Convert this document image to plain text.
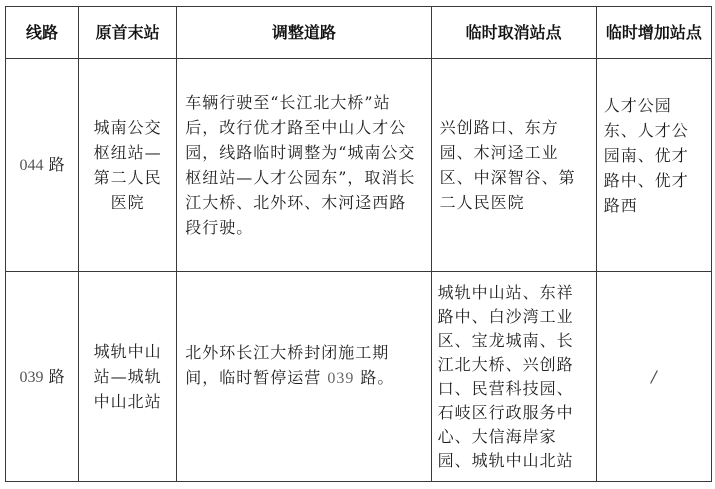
线路	原首末站	调整道路	临时取消站点	临时增加站点

044 路	城南公交枢纽站—第二人民医院	车辆行驶至“长江北大桥”站后，改行优才路至中山人才公园，线路临时调整为“城南公交枢纽站—人才公园东”，取消长江大桥、北外环、木河迳西路段行驶。	兴创路口、东方园、木河迳工业区、中深智谷、第二人民医院	人才公园东、人才公园南、优才路中、优才路西

039 路	城轨中山站—城轨中山北站	北外环长江大桥封闭施工期间，临时暂停运营 039 路。	城轨中山站、东祥路中、白沙湾工业区、宝龙城南、长江北大桥、兴创路口、民营科技园、石岐区行政服务中心、大信海岸家园、城轨中山北站	/
